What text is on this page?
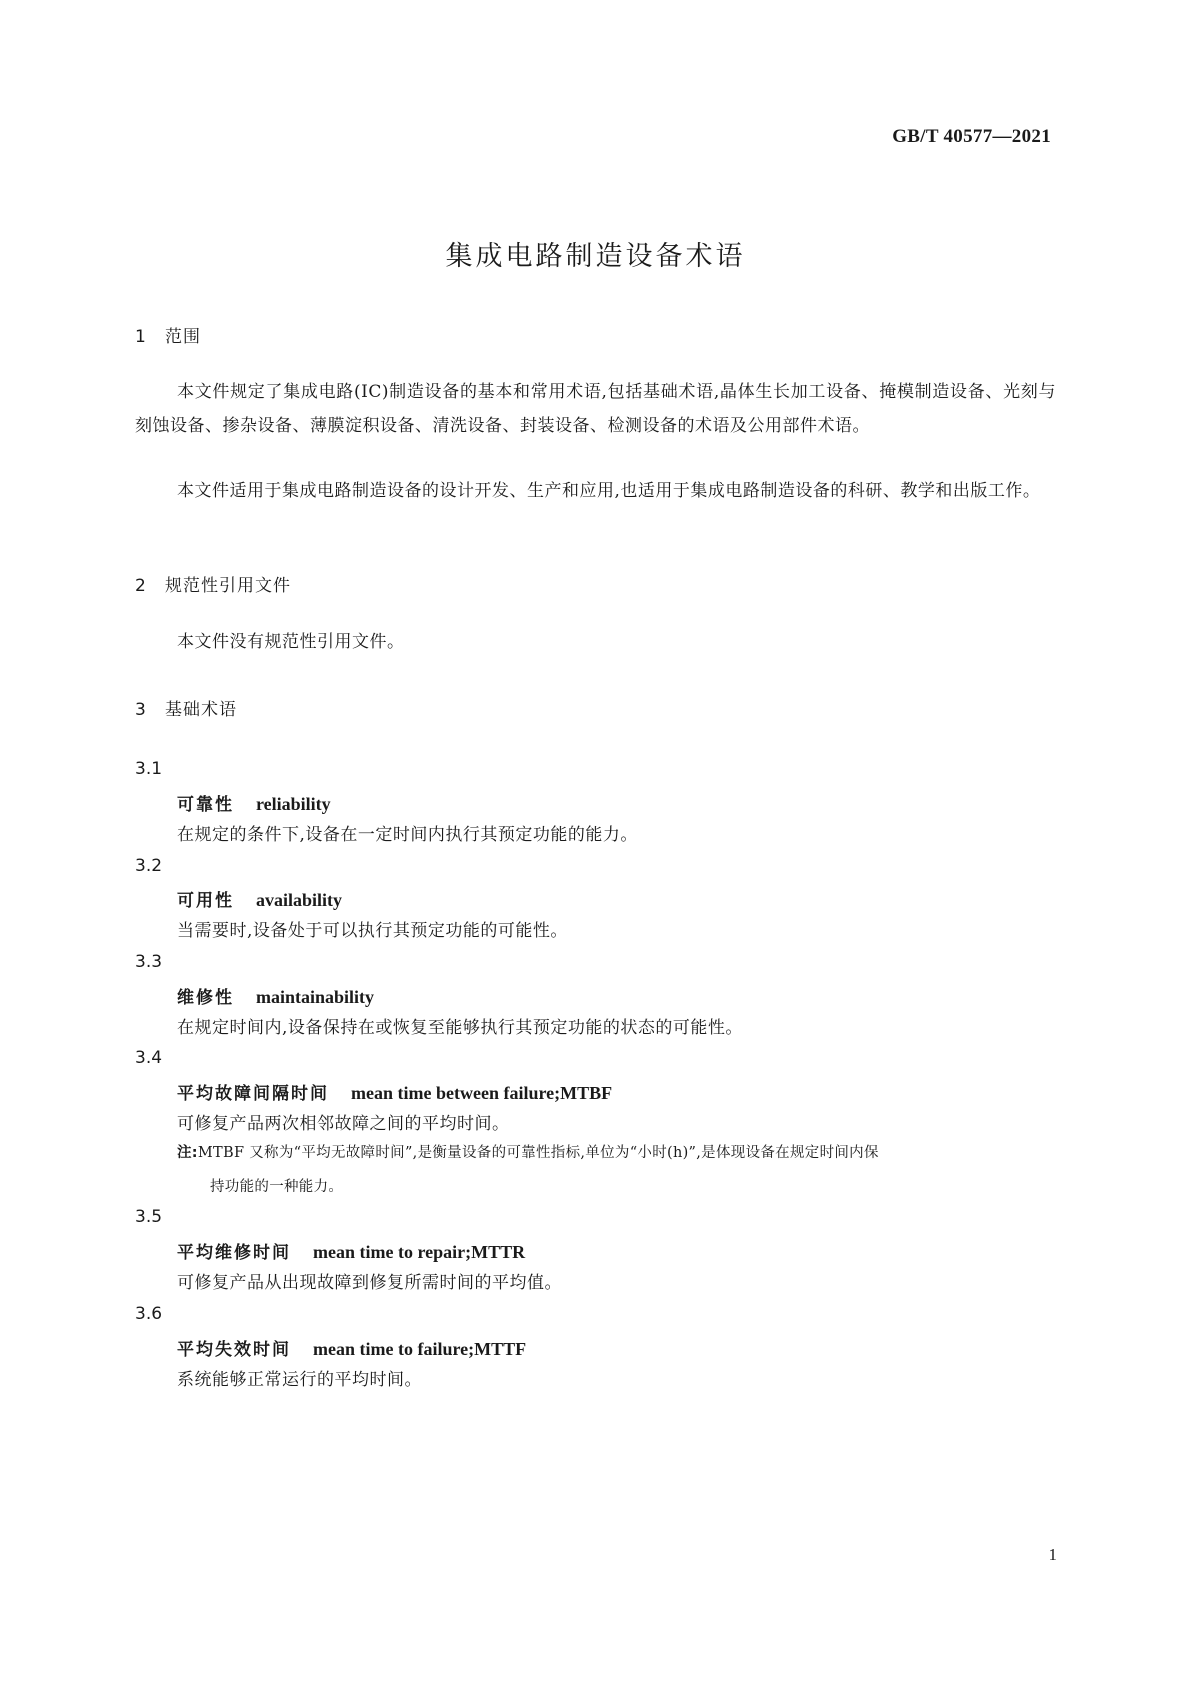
GB/T 40577—2021
集成电路制造设备术语
1 范围
本文件规定了集成电路(IC)制造设备的基本和常用术语,包括基础术语,晶体生长加工设备、掩模制造设备、光刻与刻蚀设备、掺杂设备、薄膜淀积设备、清洗设备、封装设备、检测设备的术语及公用部件术语。
本文件适用于集成电路制造设备的设计开发、生产和应用,也适用于集成电路制造设备的科研、教学和出版工作。
2 规范性引用文件
本文件没有规范性引用文件。
3 基础术语
3.1
可靠性 reliability
在规定的条件下,设备在一定时间内执行其预定功能的能力。
3.2
可用性 availability
当需要时,设备处于可以执行其预定功能的可能性。
3.3
维修性 maintainability
在规定时间内,设备保持在或恢复至能够执行其预定功能的状态的可能性。
3.4
平均故障间隔时间 mean time between failure;MTBF
可修复产品两次相邻故障之间的平均时间。
注:MTBF 又称为“平均无故障时间”,是衡量设备的可靠性指标,单位为“小时(h)”,是体现设备在规定时间内保
持功能的一种能力。
3.5
平均维修时间 mean time to repair;MTTR
可修复产品从出现故障到修复所需时间的平均值。
3.6
平均失效时间 mean time to failure;MTTF
系统能够正常运行的平均时间。
1
